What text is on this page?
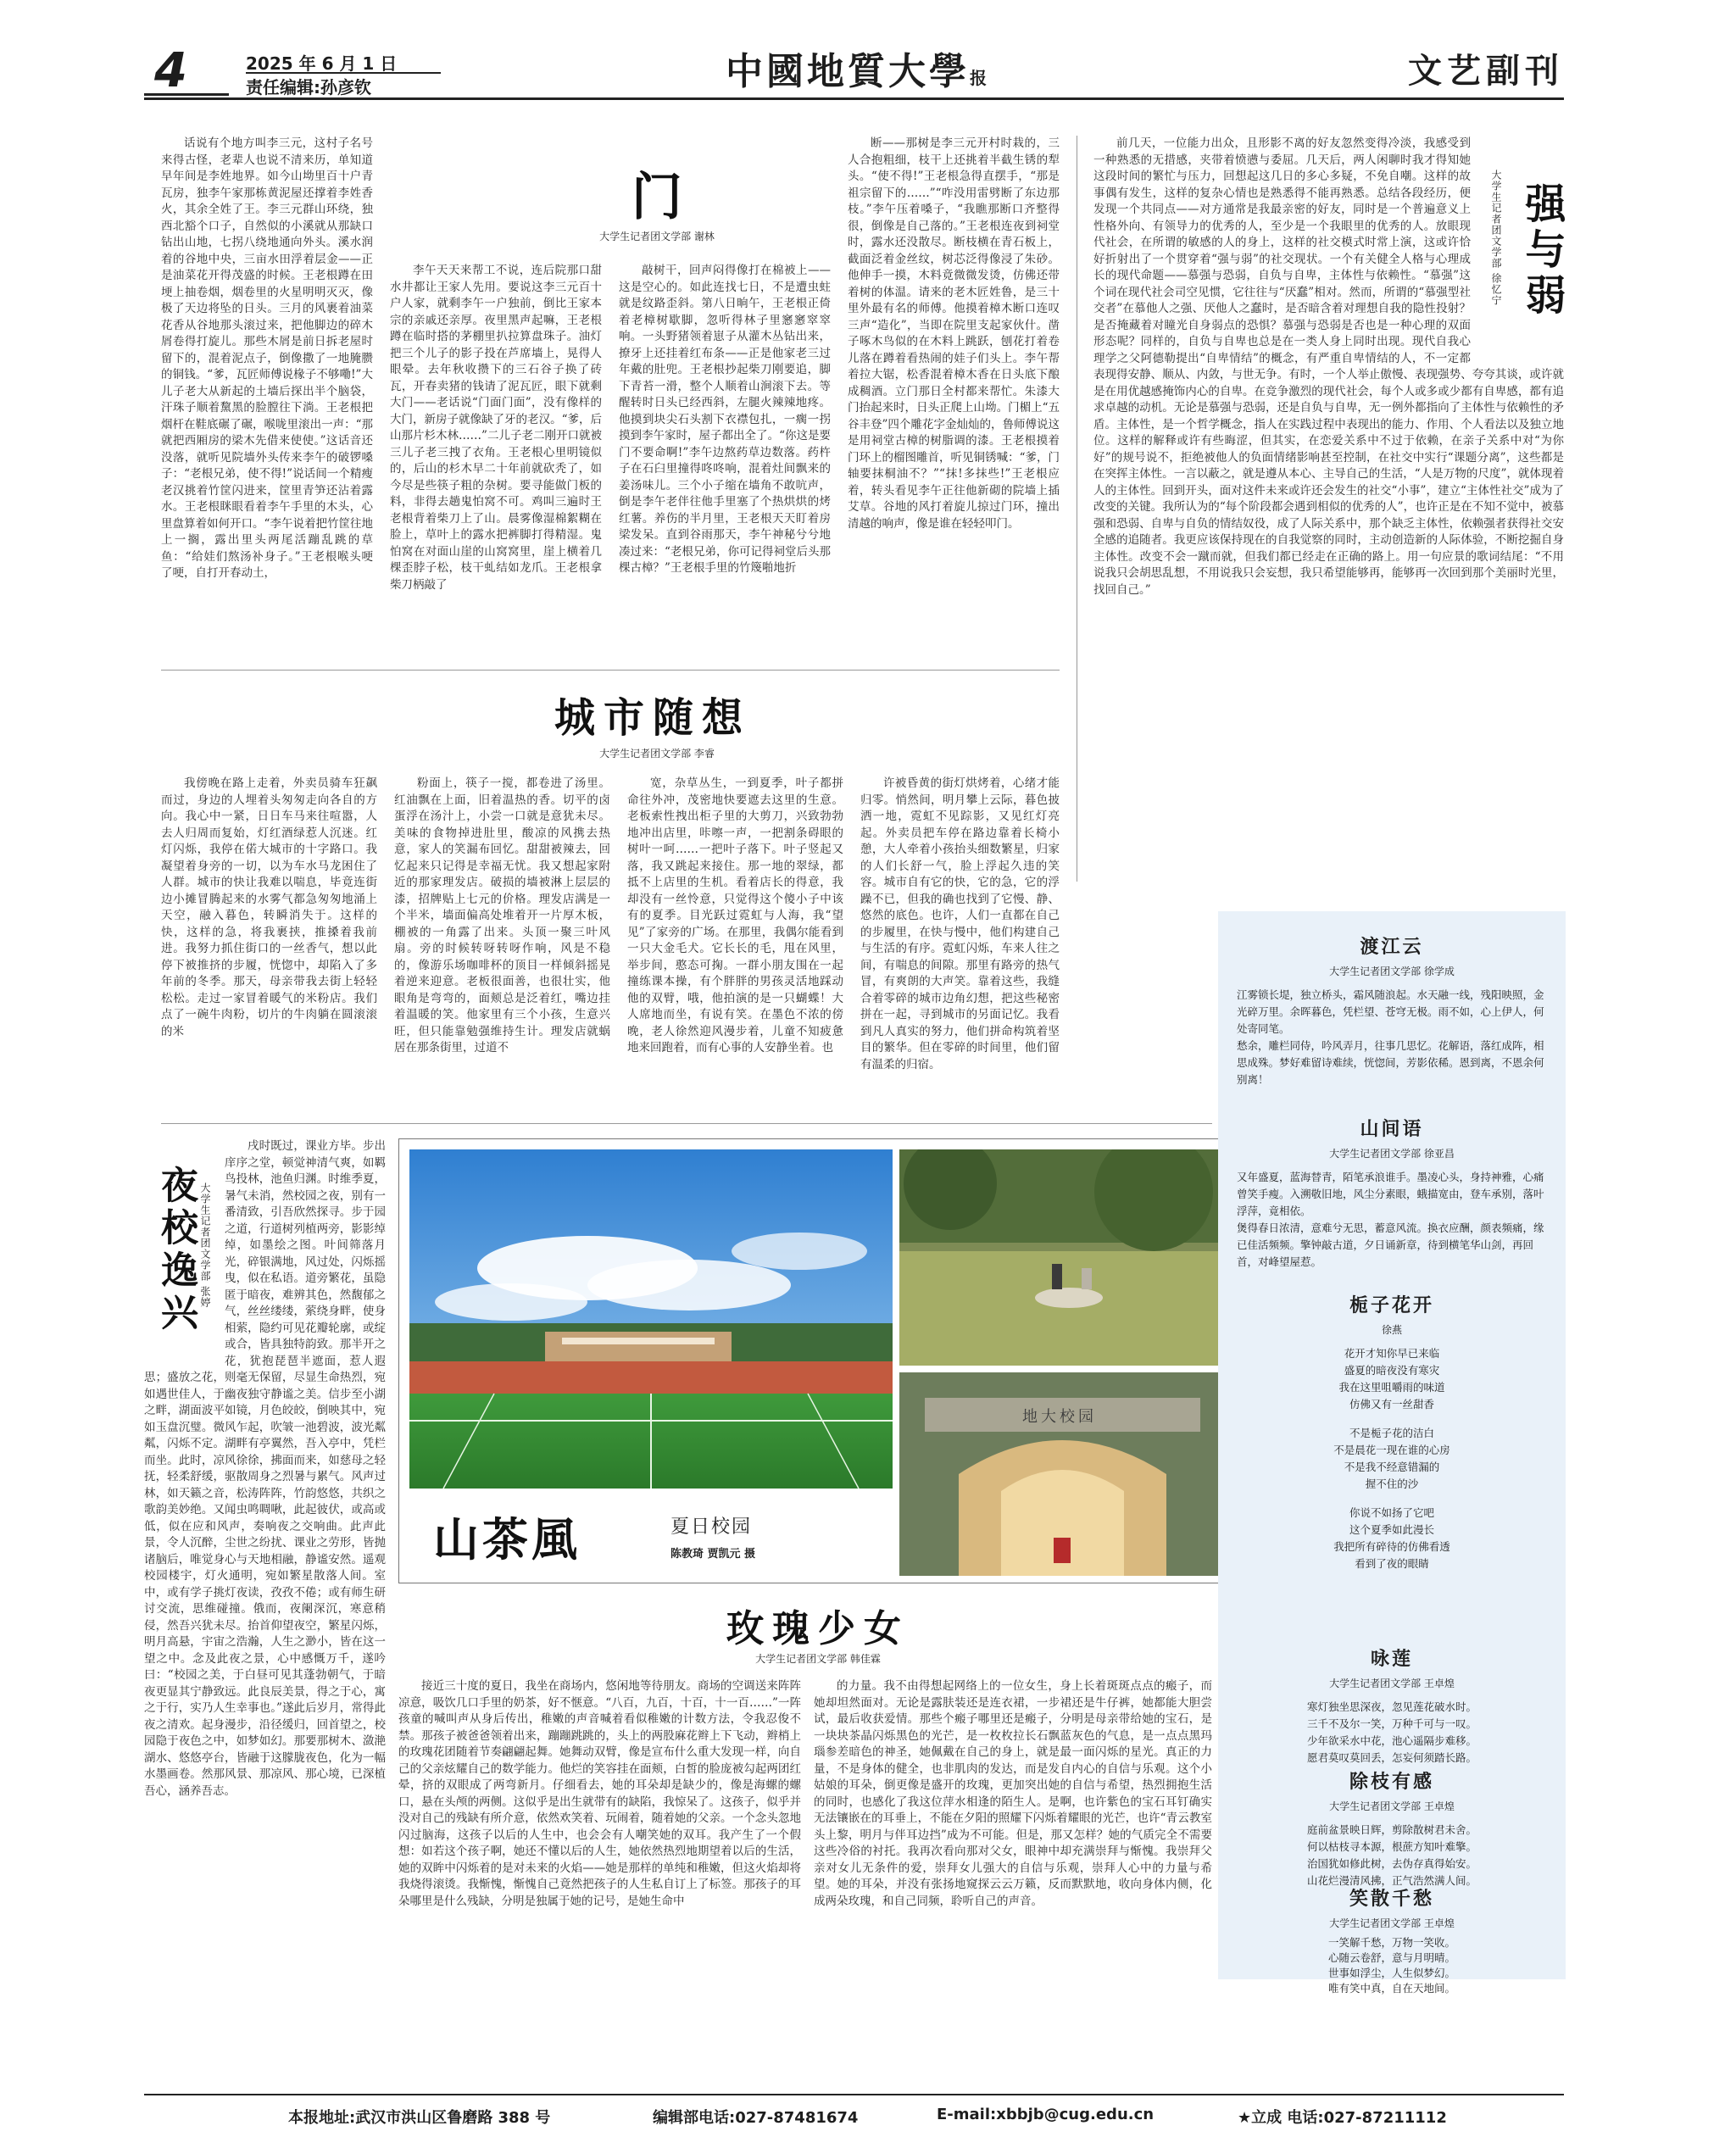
4	2025 年 6 月 1 日
责任编辑:孙彦钦	中國地質大學报	文艺副刊
门
大学生记者团文学部 谢林

话说有个地方叫李三元，这村子名号来得古怪，老辈人也说不清来历，单知道早年间是李姓地界。如今山坳里百十户青瓦房，独李午家那栋黄泥屋还撑着李姓香火，其余全姓了王。李三元群山环绕，独西北豁个口子，自然似的小溪就从那缺口钻出山地，七拐八绕地通向外头。溪水润着的谷地中央，三亩水田浮着层金——正是油菜花开得茂盛的时候。王老根蹲在田埂上抽卷烟，烟卷里的火星明明灭灭，像极了天边将坠的日头。三月的风裹着油菜花香从谷地那头滚过来，把他脚边的碎木屑卷得打旋儿。那些木屑是前日拆老屋时留下的，混着泥点子，倒像撒了一地腌臜的铜钱。“爹，瓦匠师傅说椽子不够嘞!”大儿子老大从新起的土墙后探出半个脑袋，汗珠子顺着黧黑的脸膛往下淌。王老根把烟杆在鞋底碾了碾，喉咙里滚出一声：“那就把西厢房的梁木先借来使使。”这话音还没落，就听见院墙外头传来李午的破锣嗓子：“老根兄弟，使不得!”说话间一个精瘦老汉挑着竹筐闪进来，筐里青笋还沾着露水。王老根眯眼看着李午手里的木头，心里盘算着如何开口。“李午说着把竹筐往地上一搁，露出里头两尾活蹦乱跳的草鱼：“给娃们熬汤补身子。”王老根喉头哽了哽，自打开春动土，

李午天天来帮工不说，连后院那口甜水井都让王家人先用。要说这李三元百十户人家，就剩李午一户独前，倒比王家本宗的亲戚还亲厚。夜里黑声起嘛，王老根蹲在临时搭的茅棚里扒拉算盘珠子。油灯把三个儿子的影子投在芦席墙上，晃得人眼晕。去年秋收攒下的三石谷子换了砖瓦，开春卖猪的钱请了泥瓦匠，眼下就剩大门——老话说“门面门面”，没有像样的大门，新房子就像缺了牙的老汉。“爹，后山那片杉木林……”二儿子老二刚开口就被三儿子老三拽了衣角。王老根心里明镜似的，后山的杉木早二十年前就砍秃了，如今尽是些筷子粗的杂树。要寻能做门板的料，非得去趟鬼怕窝不可。鸡叫三遍时王老根背着柴刀上了山。晨雾像湿棉絮糊在脸上，草叶上的露水把裤脚打得精湿。鬼怕窝在对面山崖的山窝窝里，崖上横着几棵歪脖子松，枝干虬结如龙爪。王老根拿柴刀柄敲了

敲树干，回声闷得像打在棉被上——这是空心的。如此连找七日，不是遭虫蛀就是纹路歪斜。第八日晌午，王老根正倚着老樟树歇脚，忽听得林子里窸窸窣窣响。一头野猪领着崽子从灌木丛钻出来，撩牙上还挂着红布条——正是他家老三过年戴的肚兜。王老根抄起柴刀刚要追，脚下青苔一滑，整个人顺着山涧滚下去。等醒转时日头已经西斜，左腿火辣辣地疼。他摸到块尖石头割下衣襟包扎，一瘸一拐摸到李午家时，屋子都出全了。“你这是要门不要命啊!”李午边熬药草边数落。药杵子在石臼里撞得咚咚响，混着灶间飘来的姜汤味儿。三个小子缩在墙角不敢吭声，倒是李午老伴往他手里塞了个热烘烘的烤红薯。养伤的半月里，王老根天天盯着房梁发呆。直到谷雨那天，李午神秘兮兮地凑过来：“老根兄弟，你可记得祠堂后头那棵古樟？”王老根手里的竹篾啪地折

断——那树是李三元开村时栽的，三人合抱粗细，枝干上还挑着半截生锈的犁头。“使不得!”王老根急得直摆手，“那是祖宗留下的……”“咋没用雷劈断了东边那枝。”李午压着嗓子，“我瞧那断口齐整得很，倒像是自己落的。”王老根连夜到祠堂时，露水还没散尽。断枝横在青石板上，截面泛着金丝纹，树芯泛得像浸了朱砂。他伸手一摸，木料竟微微发烫，仿佛还带着树的体温。请来的老木匠姓鲁，是三十里外最有名的师傅。他摸着樟木断口连叹三声“造化”，当即在院里支起家伙什。凿子啄木鸟似的在木料上跳跃，刨花打着卷儿落在蹲着看热闹的娃子们头上。李午帮着拉大锯，松香混着樟木香在日头底下酿成稠酒。立门那日全村都来帮忙。朱漆大门抬起来时，日头正爬上山坳。门楣上“五谷丰登”四个雕花字金灿灿的，鲁师傅说这是用祠堂古樟的树脂调的漆。王老根摸着门环上的榴图雕首，听见铜锈喊：“爹，门轴要抹桐油不？”“抹!多抹些!”王老根应着，转头看见李午正往他新砌的院墙上插艾草。谷地的风打着旋儿掠过门环，撞出清越的响声，像是谁在轻轻叩门。

强与弱
大学生记者团文学部 徐忆宁

前几天，一位能力出众，且形影不离的好友忽然变得冷淡，我感受到一种熟悉的无措感，夹带着愤懑与委屈。几天后，两人闲聊时我才得知她这段时间的繁忙与压力，回想起这几日的多心多疑，不免自嘲。这样的故事偶有发生，这样的复杂心情也是熟悉得不能再熟悉。总结各段经历，便发现一个共同点——对方通常是我最亲密的好友，同时是一个普遍意义上性格外向、有领导力的优秀的人，至少是一个我眼里的优秀的人。放眼现代社会，在所谓的敏感的人的身上，这样的社交模式时常上演，这或许恰好折射出了一个贯穿着“强与弱”的社交现状。一个有关健全人格与心理成长的现代命题——慕强与恐弱，自负与自卑，主体性与依赖性。“慕强”这个词在现代社会司空见惯，它往往与“厌蠢”相对。然而，所谓的“慕强型社交者”在慕他人之强、厌他人之蠢时，是否暗含着对理想自我的隐性投射？是否掩藏着对瞳光自身弱点的恐惧？慕强与恐弱是否也是一种心理的双面形态呢？同样的，自负与自卑也总是在一类人身上同时出现。现代自我心理学之父阿德勒提出“自卑情结”的概念，有严重自卑情结的人，不一定都表现得安静、顺从、内敛，与世无争。有时，一个人举止傲慢、表现强势、夸夸其谈，或许就是在用优越感掩饰内心的自卑。在竞争激烈的现代社会，每个人或多或少都有自卑感，都有追求卓越的动机。无论是慕强与恐弱，还是自负与自卑，无一例外都指向了主体性与依赖性的矛盾。主体性，是一个哲学概念，指人在实践过程中表现出的能力、作用、个人看法以及独立地位。这样的解释或许有些晦涩，但其实，在恋爱关系中不过于依赖，在亲子关系中对“为你好”的规号说不，拒绝被他人的负面情绪影响甚至控制，在社交中实行“课题分离”，这些都是在突挥主体性。一言以蔽之，就是遵从本心、主导自己的生活，“人是万物的尺度”，就体现着人的主体性。回到开头，面对这件未来或许还会发生的社交“小事”，建立“主体性社交”成为了改变的关键。我所认为的“每个阶段都会遇到相似的优秀的人”，也许正是在不知不觉中，被慕强和恐弱、自卑与自负的情结奴役，成了人际关系中，那个缺乏主体性，依赖强者获得社交安全感的追随者。我更应该保持现在的自我觉察的同时，主动创造新的人际体验，不断挖掘自身主体性。改变不会一蹴而就，但我们都已经走在正确的路上。用一句应景的歌词结尾：“不用说我只会胡思乱想，不用说我只会妄想，我只希望能够再，能够再一次回到那个美丽时光里，找回自己。”

城市随想
大学生记者团文学部 李睿

我傍晚在路上走着，外卖员骑车狂飙而过，身边的人埋着头匆匆走向各自的方向。我心中一紧，日日车马来往喧嚣，人去人归周而复始，灯红酒绿惹人沉迷。红灯闪烁，我停在偌大城市的十字路口。我凝望着身旁的一切，以为车水马龙困住了人群。城市的快让我难以喘息，毕竟连街边小摊冒腾起来的水雾气都急匆匆地涌上天空，融入暮色，转瞬消失于。这样的快，这样的急，将我裹挟，推搡着我前进。我努力抓住街口的一丝香气，想以此停下被推挤的步履，恍惚中，却陷入了多年前的冬季。那天，母亲带我去街上轻轻松松。走过一家冒着暖气的米粉店。我们点了一碗牛肉粉，切片的牛肉躺在圆滚滚的米

粉面上，筷子一搅，都卷进了汤里。红油飘在上面，旧着温热的香。切平的卤蛋浮在汤汁上，小尝一口就是意犹未尽。美味的食物掉进肚里，酸凉的风携去热意，家人的笑漏布回忆。甜甜被辣去，回忆起来只记得是幸福无忧。我又想起家附近的那家理发店。破损的墙被淋上层层的漆，招牌贴上七元的价格。理发店满是一个半米，墙面偏高处堆着开一片厚木板，棚被的一角露了出来。头顶一聚三叶风扇。旁的时候转呀转呀作响，风是不稳的，像游乐场咖啡杯的顶目一样倾斜摇晃着逆来迎意。老板很面善，也很壮实，他眼角是弯弯的，面颊总是泛着红，嘴边挂着温暖的笑。他家里有三个小孩，生意兴旺，但只能靠勉强维持生计。理发店就蜗居在那条街里，过道不

宽，杂草丛生，一到夏季，叶子都拼命往外冲，茂密地快要遮去这里的生意。老板索性拽出柜子里的大剪刀，兴致勃勃地冲出店里，咔嚓一声，一把割条碍眼的树叶一呵……一把叶子落下。叶子竖起又落，我又跳起来接住。那一地的翠绿，都抵不上店里的生机。看着店长的得意，我却没有一丝怜意，只觉得这个傻小子中该有的夏季。目光跃过霓虹与人海，我“望见”了家旁的广场。在那里，我偶尔能看到一只大金毛犬。它长长的毛，甩在风里，举步间，憨态可掬。一群小朋友围在一起撞练课本操，有个胖胖的男孩灵活地踩动他的双臂，哦，他拍演的是一只蝴蝶！大人席地而坐，有说有笑。在墨色不浓的傍晚，老人徐然迎风漫步着，儿童不知疲惫地来回跑着，而有心事的人安静坐着。也

许被昏黄的街灯烘烤着，心绪才能归零。悄然间，明月攀上云际，暮色披洒一地，霓虹不见踪影，又见红灯亮起。外卖员把车停在路边靠着长椅小憩，大人牵着小孩抬头细数繁星，归家的人们长舒一气，脸上浮起久违的笑容。城市自有它的快，它的急，它的浮躁不已，但我的确也找到了它慢、静、悠然的底色。也许，人们一直都在自己的步履里，在快与慢中，他们构建自己与生活的有序。霓虹闪烁，车来人往之间，有喘息的间隙。那里有路旁的热气冒，有爽朗的大声笑。靠着这些，我缝合着零碎的城市边角幻想，把这些秘密拼在一起，寻到城市的另面记忆。我看到凡人真实的努力，他们拼命构筑着坚目的繁华。但在零碎的时间里，他们留有温柔的归宿。

夜校逸兴 大学生记者团文学部 张婷

戌时既过，课业方毕。步出庠序之堂，顿觉神清气爽，如羁鸟投林，池鱼归渊。时维季夏，暑气未消，然校园之夜，别有一番清致，引吾欣然探寻。步于园之道，行道树列植两旁，影影绰绰，如墨绘之图。叶间筛落月光，碎银满地，风过处，闪烁摇曳，似在私语。道旁繁花，虽隐匿于暗夜，难辨其色，然馥郁之气，丝丝缕缕，萦绕身畔，使身相萦，隐约可见花瓣轮廓，或绽或合，皆具独特韵致。那半开之花，犹抱琵琶半遮面，惹人遐思；盛放之花，则毫无保留，尽显生命热烈，宛如遇世佳人，于幽夜独守静谧之美。信步至小湖之畔，湖面波平如镜，月色皎皎，倒映其中，宛如玉盘沉璧。微风乍起，吹皱一池碧波，波光粼粼，闪烁不定。湖畔有亭翼然，吾入亭中，凭栏而坐。此时，凉风徐徐，拂面而来，如慈母之轻抚，轻柔舒缓，驱散周身之烈暑与累气。风声过林，如天籁之音，松涛阵阵，竹韵悠悠，共织之歌韵美妙绝。又闻虫鸣啁啾，此起彼伏，或高或低，似在应和风声，奏响夜之交响曲。此声此景，令人沉醉，尘世之纷扰、课业之劳形，皆抛诸脑后，唯觉身心与天地相融，静谧安然。遥观校园楼宇，灯火通明，宛如繁星散落人间。室中，或有学子挑灯夜读，孜孜不倦；或有师生研讨交流，思维碰撞。俄而，夜阑深沉，寒意稍侵，然吾兴犹未尽。抬首仰望夜空，繁星闪烁，明月高悬，宇宙之浩瀚，人生之渺小，皆在这一望之中。念及此夜之景，心中感慨万千，遂吟曰：“校园之美，于白昼可见其蓬勃朝气，于暗夜更显其宁静致远。此良辰美景，得之于心，寓之于行，实乃人生幸事也。”遂此后岁月，常得此夜之清欢。起身漫步，沿径缓归，回首望之，校园隐于夜色之中，如梦如幻。那要那树木、潋滟湖水、悠悠亭台，皆融于这朦胧夜色，化为一幅水墨画卷。然那风景、那凉风、那心境，已深植吾心，涵养吾志。

地大校园
山茶風	夏日校园
陈教琦 贾凯元 摄
玫瑰少女
大学生记者团文学部 韩佳霖

接近三十度的夏日，我坐在商场内，悠闲地等待朋友。商场的空调送来阵阵凉意，吸饮几口手里的奶茶，好不惬意。“八百，九百，十百，十一百……”一阵孩童的喊叫声从身后传出，稚嫩的声音喊着看似稚嫩的计数方法，令我忍俊不禁。那孩子被爸爸领着出来，蹦蹦跳跳的，头上的两股麻花辫上下飞动，辫梢上的玫瑰花团随着节奏翩翩起舞。她舞动双臂，像是宣布什么重大发现一样，向自己的父亲炫耀自己的数学能力。他烂的笑容挂在面颊，白皙的脸庞被勾起两团红晕，挤的双眼成了两弯新月。仔细看去，她的耳朵却是缺少的，像是海螺的螺口，悬在头颅的两侧。这似乎是出生就带有的缺陷，我惊呆了。这孩子，似乎并没对自己的残缺有所介意，依然欢笑着、玩闹着，随着她的父亲。一个念头忽地闪过脑海，这孩子以后的人生中，也会会有人嘲笑她的双耳。我产生了一个假想：如若这个孩子啊，她还不懂以后的人生，她依然热烈地期望着以后的生活，她的双眸中闪烁着的是对未来的火焰——她是那样的单纯和稚嫩，但这火焰却将我烧得滚烫。我惭愧，惭愧自己竟然把孩子的人生私自订上了标签。那孩子的耳朵哪里是什么残缺，分明是独属于她的记号，是她生命中

的力量。我不由得想起网络上的一位女生，身上长着斑斑点点的瘢子，而她却坦然面对。无论是露肤装还是连衣裙，一步裙还是牛仔裤，她都能大胆尝试，最后收获爱情。那些个瘢子哪里还是瘢子，分明是母亲带给她的宝石，是一块块茶晶闪烁黑色的光芒，是一枚枚拉长石飘蓝灰色的气息，是一点点黑玛瑙参差暗色的神圣，她佩戴在自己的身上，就是最一面闪烁的星光。真正的力量，不是身体的健全，也非肌肉的发达，而是发自内心的自信与乐观。这个小姑娘的耳朵，倒更像是盛开的玫瑰，更加突出她的自信与希望，热烈拥抱生活的同时，也感化了我这位萍水相逢的陌生人。是啊，也许紫色的宝石耳钉确实无法镶嵌在的耳垂上，不能在夕阳的照耀下闪烁着耀眼的光芒，也许“青云教室头上黎，明月与伴耳边挡”成为不可能。但是，那又怎样？她的气质完全不需要这些冷俗的衬托。我再次看向那对父女，眼神中却充满崇拜与惭愧。我崇拜父亲对女儿无条件的爱，崇拜女儿强大的自信与乐观，崇拜人心中的力量与希望。她的耳朵，并没有张扬地窥探云云万籁，反而默默地，收向身体内侧，化成两朵玫瑰，和自己同频，聆听自己的声音。

渡江云
大学生记者团文学部 徐学成
江雾锁长堤，独立桥头，霜风随浪起。水天融一线，残阳映照，金光碎万里。余晖暮色，凭栏望、苍穹无极。雨不如，心上伊人，何处寄同笔。
愁余，雕栏同侍，吟风弄月，往事几思忆。花解语，落红成阵，相思成殊。梦好难留诗难续，恍惚间，芳影依稀。恩到离，不恩余何别离！
山间语
大学生记者团文学部 徐亚昌
又年盛夏，蓝海替青，陌笔承浪谁手。墨凌心头，身持神雅，心痛曾笑手瘦。入溯敬旧地，风尘分素眼，蛾描宽由，登车承别，落叶浮萍，竟相依。
煲得春日浓清，意难兮无思，蓄意风流。换衣应酬，颜表频痛，缘已佳活频频。擎钟敲古道，夕日诵新章，待到横笔华山剑，再回首，对峰望屋惹。
栀子花开
徐燕
花开才知你早已来临
盛夏的暗夜没有寒灾
我在这里咀嚼雨的味道
仿佛又有一丝甜香
不是栀子花的洁白
不是晨花一现在谁的心房
不是我不经意错漏的
握不住的沙
你说不如扬了它吧
这个夏季如此漫长
我把所有碎待的仿佛看透
看到了夜的眼睛
咏莲
大学生记者团文学部 王卓煌
寒灯独坐思深夜，忽见莲花破水时。
三千不及尔一笑，万种千可与一叹。
少年欲采水中花，池心遥隔步难移。
愿君莫叹莫回丢，怎妄何须踏长路。
除枝有感
大学生记者团文学部 王卓煌
庭前盆景映日辉，剪除散树君未舍。
何以枯枝寻本源，根蔗方知叶难擎。
治国犹如修此树，去伪存真得始安。
山花烂漫清风拂，正气浩然满人间。
笑散千愁
大学生记者团文学部 王卓煌
一笑解千愁，万物一笑收。
心随云卷舒，意与月明晴。
世事如浮尘，人生似梦幻。
唯有笑中真，自在天地间。
本报地址:武汉市洪山区鲁磨路 388 号	编辑部电话:027-87481674	E-mail:xbbjb@cug.edu.cn	★立成 电话:027-87211112
